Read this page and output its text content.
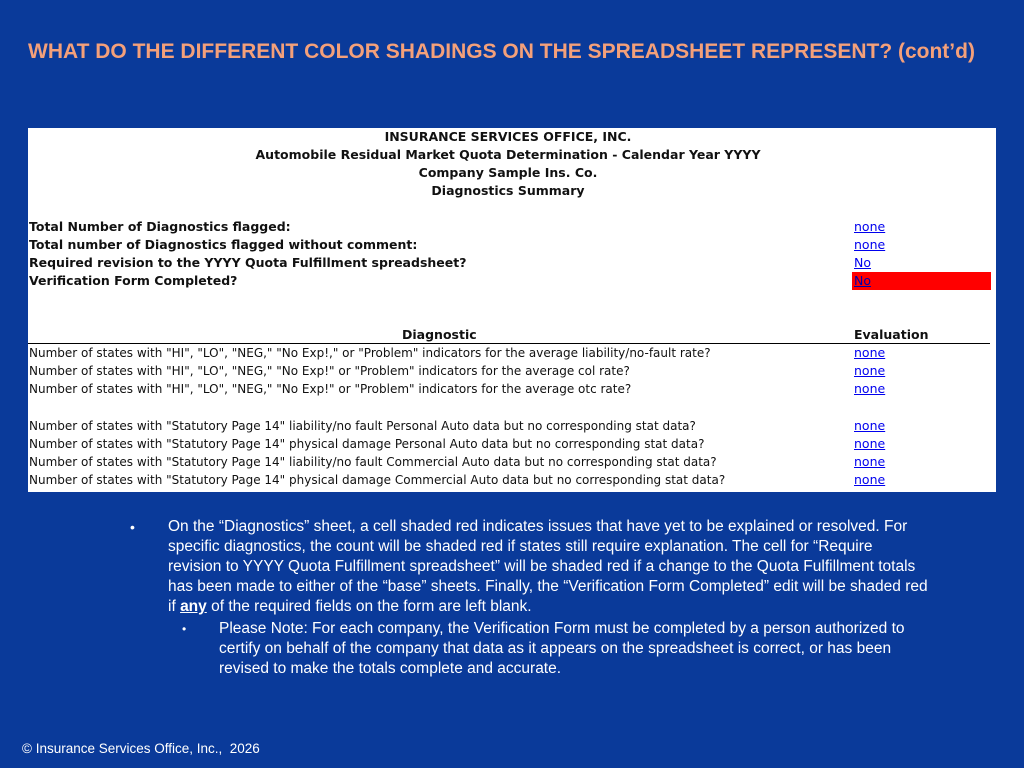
WHAT DO THE DIFFERENT COLOR SHADINGS ON THE SPREADSHEET REPRESENT? (cont’d)
INSURANCE SERVICES OFFICE, INC.
Automobile Residual Market Quota Determination - Calendar Year YYYY
Company Sample Ins. Co.
Diagnostics Summary
Total Number of Diagnostics flagged:	none
Total number of Diagnostics flagged without comment:	none
Required revision to the YYYY Quota Fulfillment spreadsheet?	No
Verification Form Completed?	No
Diagnostic	Evaluation
Number of states with "HI", "LO", "NEG," "No Exp!," or "Problem" indicators for the average liability/no-fault rate?	none
Number of states with "HI", "LO", "NEG," "No Exp!" or "Problem" indicators for the average col rate?	none
Number of states with "HI", "LO", "NEG," "No Exp!" or "Problem" indicators for the average otc rate?	none
Number of states with "Statutory Page 14" liability/no fault Personal Auto data but no corresponding stat data?	none
Number of states with "Statutory Page 14" physical damage Personal Auto data but no corresponding stat data?	none
Number of states with "Statutory Page 14" liability/no fault Commercial Auto data but no corresponding stat data?	none
Number of states with "Statutory Page 14" physical damage Commercial Auto data but no corresponding stat data?	none
• On the “Diagnostics” sheet, a cell shaded red indicates issues that have yet to be explained or resolved. For specific diagnostics, the count will be shaded red if states still require explanation. The cell for “Require revision to YYYY Quota Fulfillment spreadsheet” will be shaded red if a change to the Quota Fulfillment totals has been made to either of the “base” sheets. Finally, the “Verification Form Completed” edit will be shaded red if any of the required fields on the form are left blank.
• Please Note: For each company, the Verification Form must be completed by a person authorized to certify on behalf of the company that data as it appears on the spreadsheet is correct, or has been revised to make the totals complete and accurate.
© Insurance Services Office, Inc.,  2026
